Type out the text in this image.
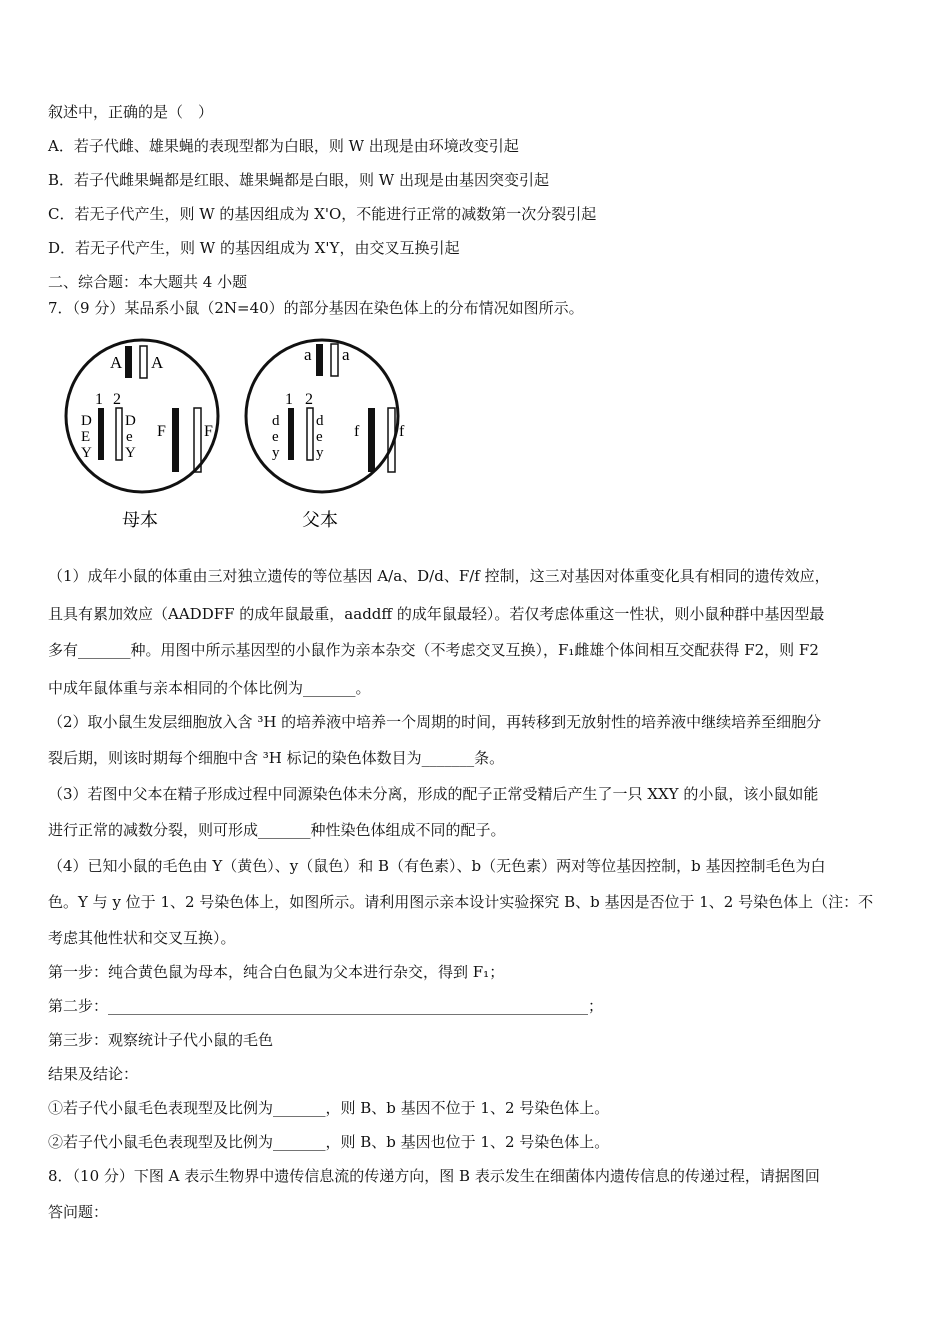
叙述中，正确的是（　）
A．若子代雌、雄果蝇的表现型都为白眼，则 W 出现是由环境改变引起
B．若子代雌果蝇都是红眼、雄果蝇都是白眼，则 W 出现是由基因突变引起
C．若无子代产生，则 W 的基因组成为 X'O，不能进行正常的减数第一次分裂引起
D．若无子代产生，则 W 的基因组成为 X'Y，由交叉互换引起
二、综合题：本大题共 4 小题
7．（9 分）某品系小鼠（2N=40）的部分基因在染色体上的分布情况如图所示。
A A
1 2
D
E
Y
D
e
Y
F F
a a
1 2
d
e
y
d
e
y
f f
母本	父本
（1）成年小鼠的体重由三对独立遗传的等位基因 A/a、D/d、F/f 控制，这三对基因对体重变化具有相同的遗传效应，
且具有累加效应（AADDFF 的成年鼠最重，aaddff 的成年鼠最轻）。若仅考虑体重这一性状，则小鼠种群中基因型最
多有_______种。用图中所示基因型的小鼠作为亲本杂交（不考虑交叉互换），F₁雌雄个体间相互交配获得 F2，则 F2
中成年鼠体重与亲本相同的个体比例为_______。
（2）取小鼠生发层细胞放入含 ³H 的培养液中培养一个周期的时间，再转移到无放射性的培养液中继续培养至细胞分
裂后期，则该时期每个细胞中含 ³H 标记的染色体数目为_______条。
（3）若图中父本在精子形成过程中同源染色体未分离，形成的配子正常受精后产生了一只 XXY 的小鼠，该小鼠如能
进行正常的减数分裂，则可形成_______种性染色体组成不同的配子。
（4）已知小鼠的毛色由 Y（黄色）、y（鼠色）和 B（有色素）、b（无色素）两对等位基因控制，b 基因控制毛色为白
色。Y 与 y 位于 1、2 号染色体上，如图所示。请利用图示亲本设计实验探究 B、b 基因是否位于 1、2 号染色体上（注：不
考虑其他性状和交叉互换）。
第一步：纯合黄色鼠为母本，纯合白色鼠为父本进行杂交，得到 F₁；
第二步：________________________________________________________________；
第三步：观察统计子代小鼠的毛色
结果及结论：
①若子代小鼠毛色表现型及比例为_______，则 B、b 基因不位于 1、2 号染色体上。
②若子代小鼠毛色表现型及比例为_______，则 B、b 基因也位于 1、2 号染色体上。
8．（10 分）下图 A 表示生物界中遗传信息流的传递方向，图 B 表示发生在细菌体内遗传信息的传递过程，请据图回
答问题：
